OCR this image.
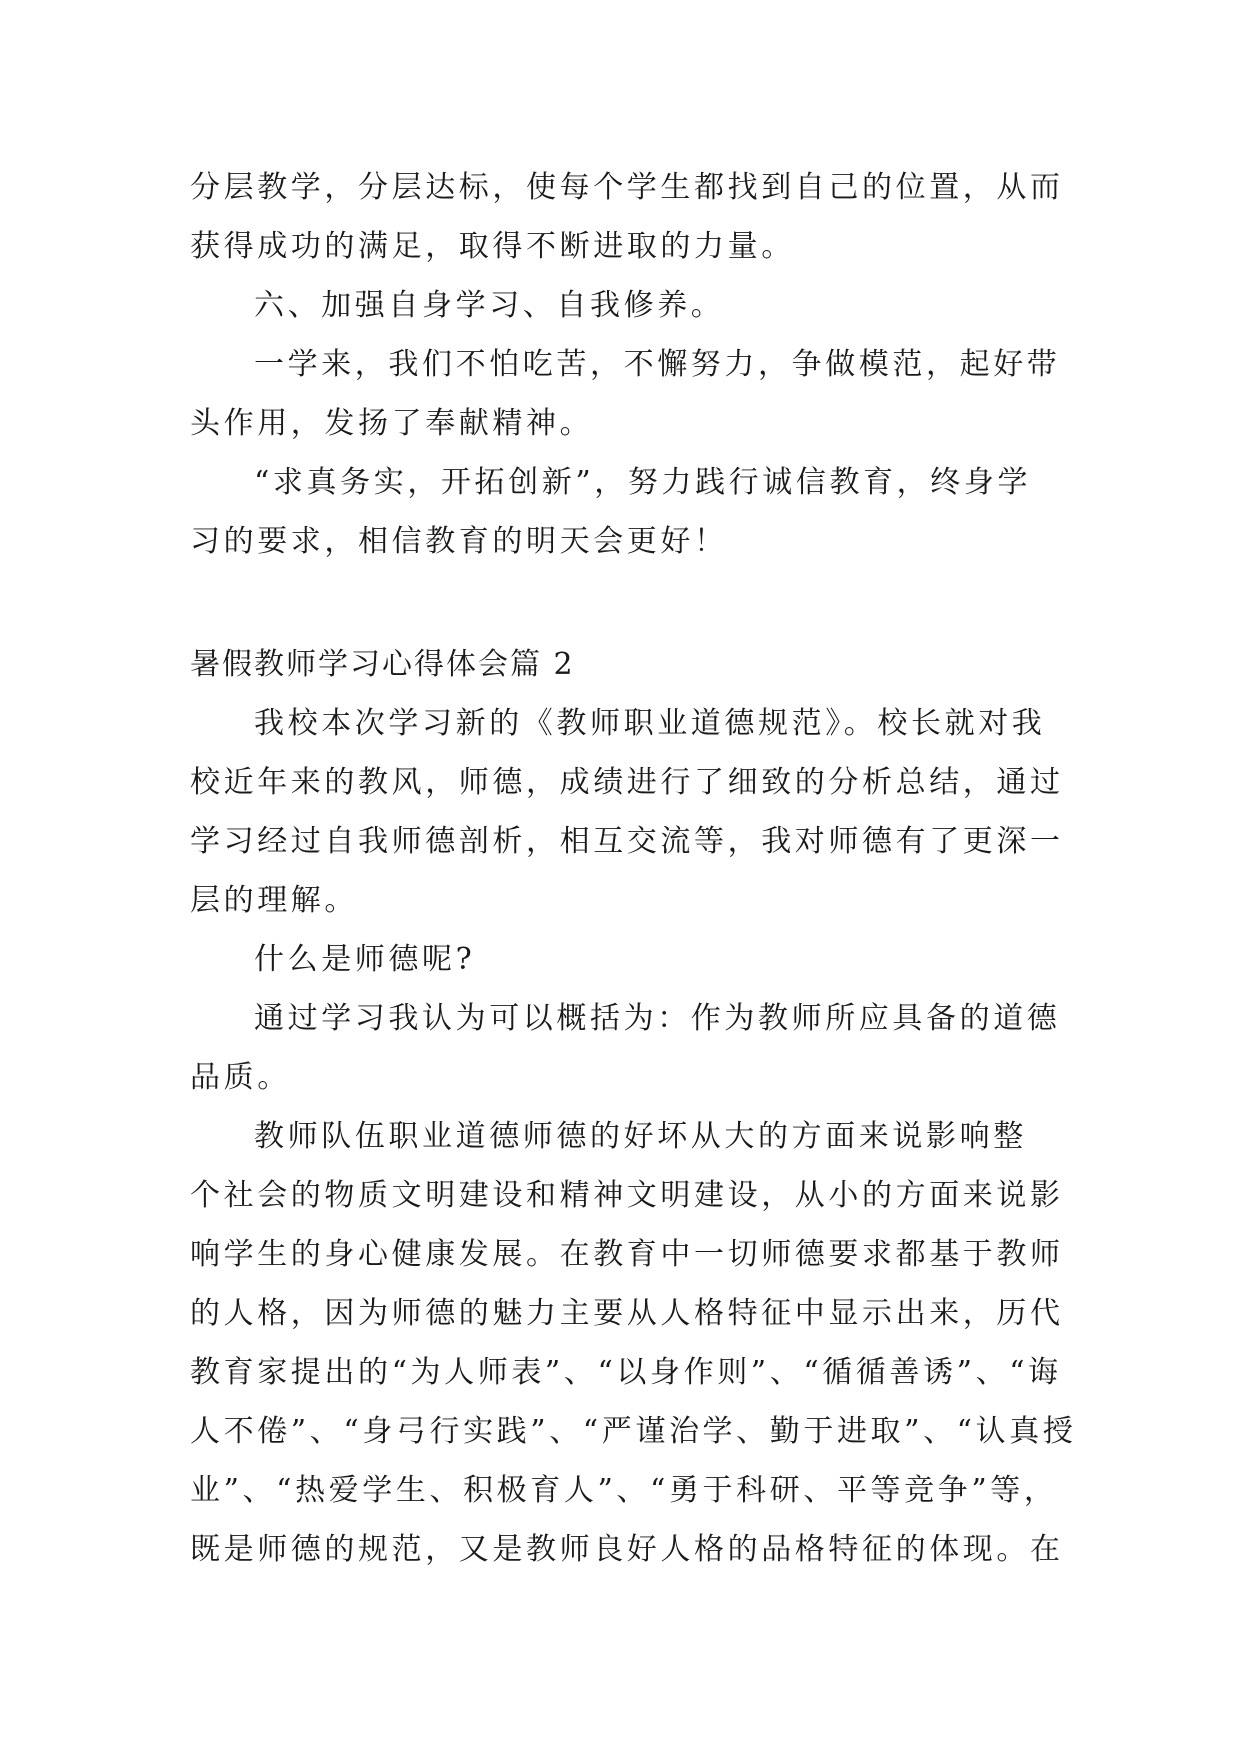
分层教学，分层达标，使每个学生都找到自己的位置，从而
获得成功的满足，取得不断进取的力量。
六、加强自身学习、自我修养。
一学来，我们不怕吃苦，不懈努力，争做模范，起好带
头作用，发扬了奉献精神。
“求真务实，开拓创新”，努力践行诚信教育，终身学
习的要求，相信教育的明天会更好！
暑假教师学习心得体会篇 2
我校本次学习新的《教师职业道德规范》。校长就对我
校近年来的教风，师德，成绩进行了细致的分析总结，通过
学习经过自我师德剖析，相互交流等，我对师德有了更深一
层的理解。
什么是师德呢?
通过学习我认为可以概括为：作为教师所应具备的道德
品质。
教师队伍职业道德师德的好坏从大的方面来说影响整
个社会的物质文明建设和精神文明建设，从小的方面来说影
响学生的身心健康发展。在教育中一切师德要求都基于教师
的人格，因为师德的魅力主要从人格特征中显示出来，历代
教育家提出的“为人师表”、“以身作则”、“循循善诱”、“诲
人不倦”、“身弓行实践”、“严谨治学、勤于进取”、“认真授
业”、“热爱学生、积极育人”、“勇于科研、平等竞争”等，
既是师德的规范，又是教师良好人格的品格特征的体现。在
